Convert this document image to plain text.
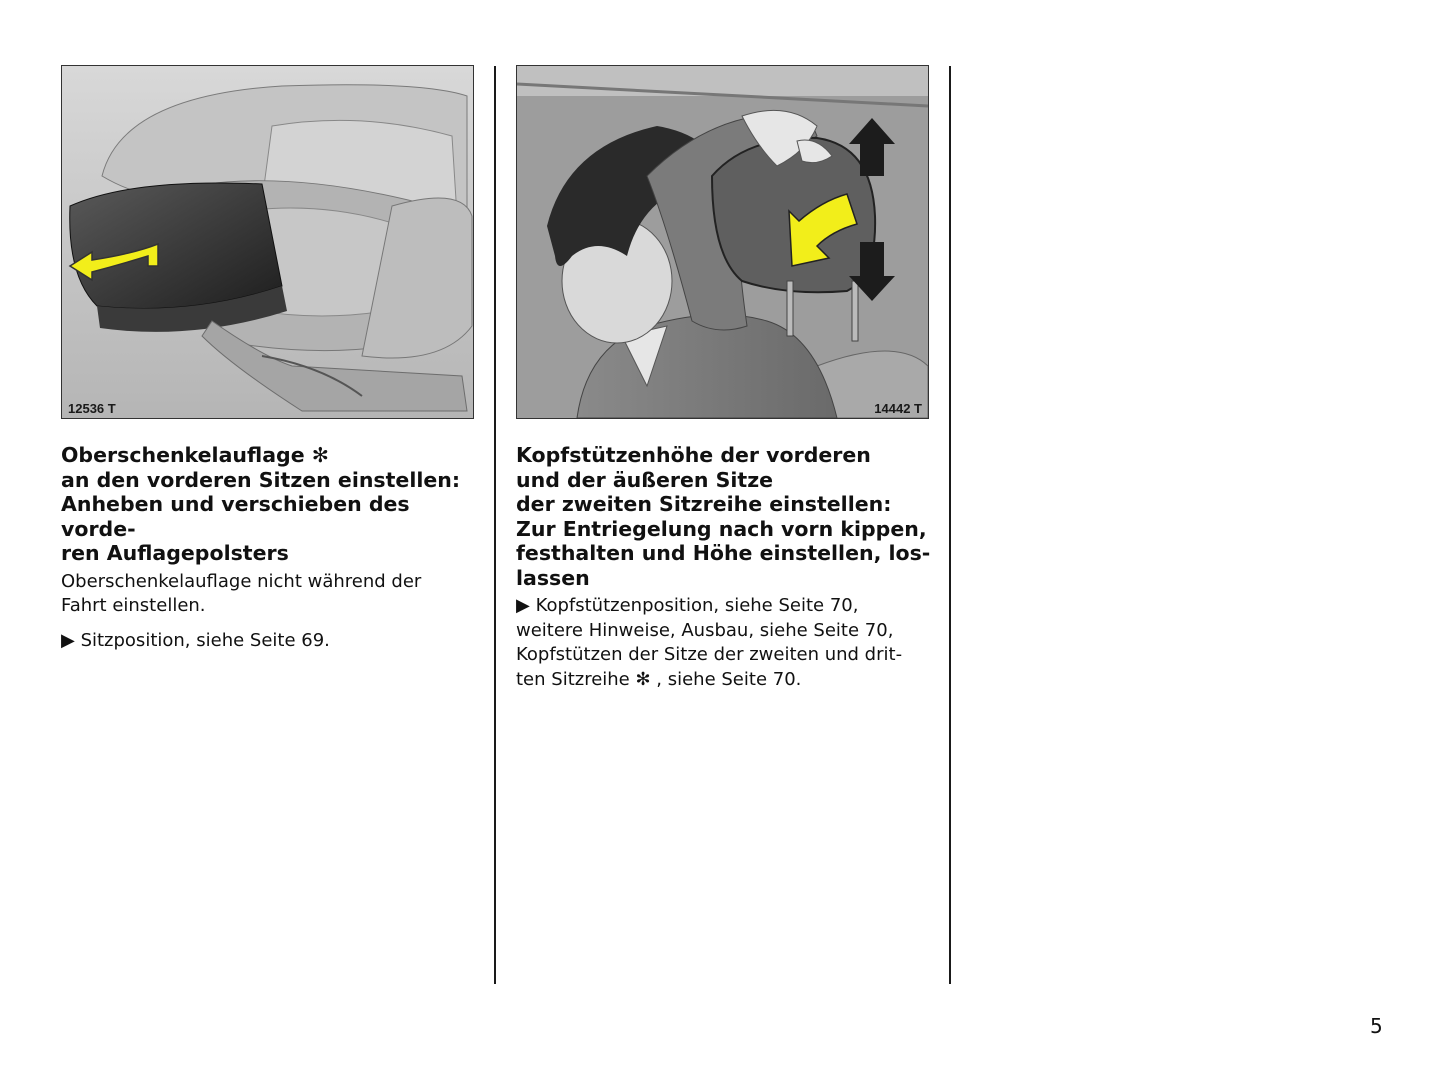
12536 T	14442 T
Oberschenkelauflage ✻
an den vorderen Sitzen einstellen:
Anheben und verschieben des vorde-
ren Auflagepolsters
Oberschenkelauflage nicht während der
Fahrt einstellen.
▶ Sitzposition, siehe Seite 69.
Kopfstützenhöhe der vorderen
und der äußeren Sitze
der zweiten Sitzreihe einstellen:
Zur Entriegelung nach vorn kippen,
festhalten und Höhe einstellen, los-
lassen
▶ Kopfstützenposition, siehe Seite 70,
weitere Hinweise, Ausbau, siehe Seite 70,
Kopfstützen der Sitze der zweiten und drit-
ten Sitzreihe ✻ , siehe Seite 70.
5
